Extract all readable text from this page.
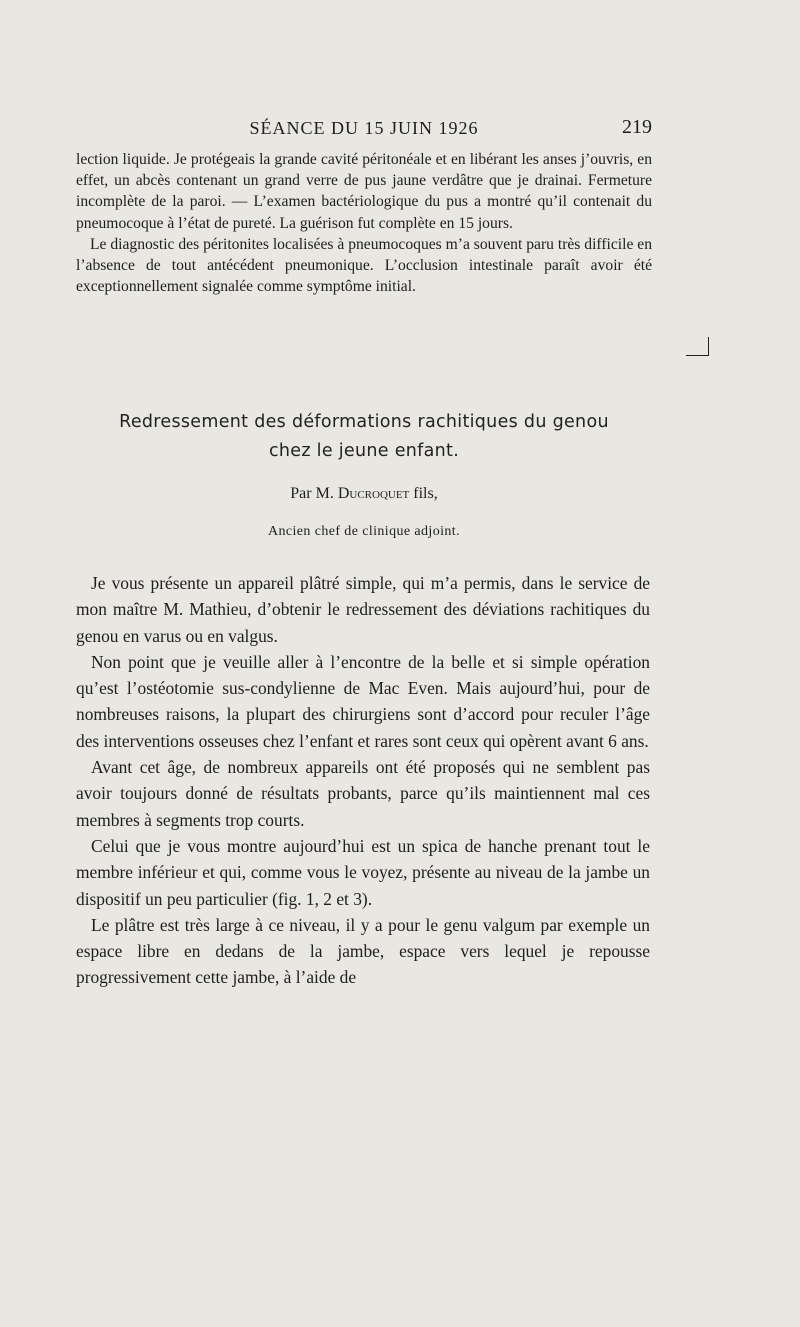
SÉANCE DU 15 JUIN 1926	219

lection liquide. Je protégeais la grande cavité péritonéale et en libérant les anses j’ouvris, en effet, un abcès contenant un grand verre de pus jaune verdâtre que je drainai. Fermeture incomplète de la paroi. — L’examen bactériologique du pus a montré qu’il contenait du pneumocoque à l’état de pureté. La guérison fut complète en 15 jours.

Le diagnostic des péritonites localisées à pneumocoques m’a souvent paru très difficile en l’absence de tout antécédent pneumonique. L’occlusion intestinale paraît avoir été exceptionnellement signalée comme symptôme initial.

Redressement des déformations rachitiques du genou
chez le jeune enfant.
Par M. Ducroquet fils,
Ancien chef de clinique adjoint.

Je vous présente un appareil plâtré simple, qui m’a permis, dans le service de mon maître M. Mathieu, d’obtenir le redressement des déviations rachitiques du genou en varus ou en valgus.

Non point que je veuille aller à l’encontre de la belle et si simple opération qu’est l’ostéotomie sus-condylienne de Mac Even. Mais aujourd’hui, pour de nombreuses raisons, la plupart des chirurgiens sont d’accord pour reculer l’âge des interventions osseuses chez l’enfant et rares sont ceux qui opèrent avant 6 ans.

Avant cet âge, de nombreux appareils ont été proposés qui ne semblent pas avoir toujours donné de résultats probants, parce qu’ils maintiennent mal ces membres à segments trop courts.

Celui que je vous montre aujourd’hui est un spica de hanche prenant tout le membre inférieur et qui, comme vous le voyez, présente au niveau de la jambe un dispositif un peu particulier (fig. 1, 2 et 3).

Le plâtre est très large à ce niveau, il y a pour le genu valgum par exemple un espace libre en dedans de la jambe, espace vers lequel je repousse progressivement cette jambe, à l’aide de
